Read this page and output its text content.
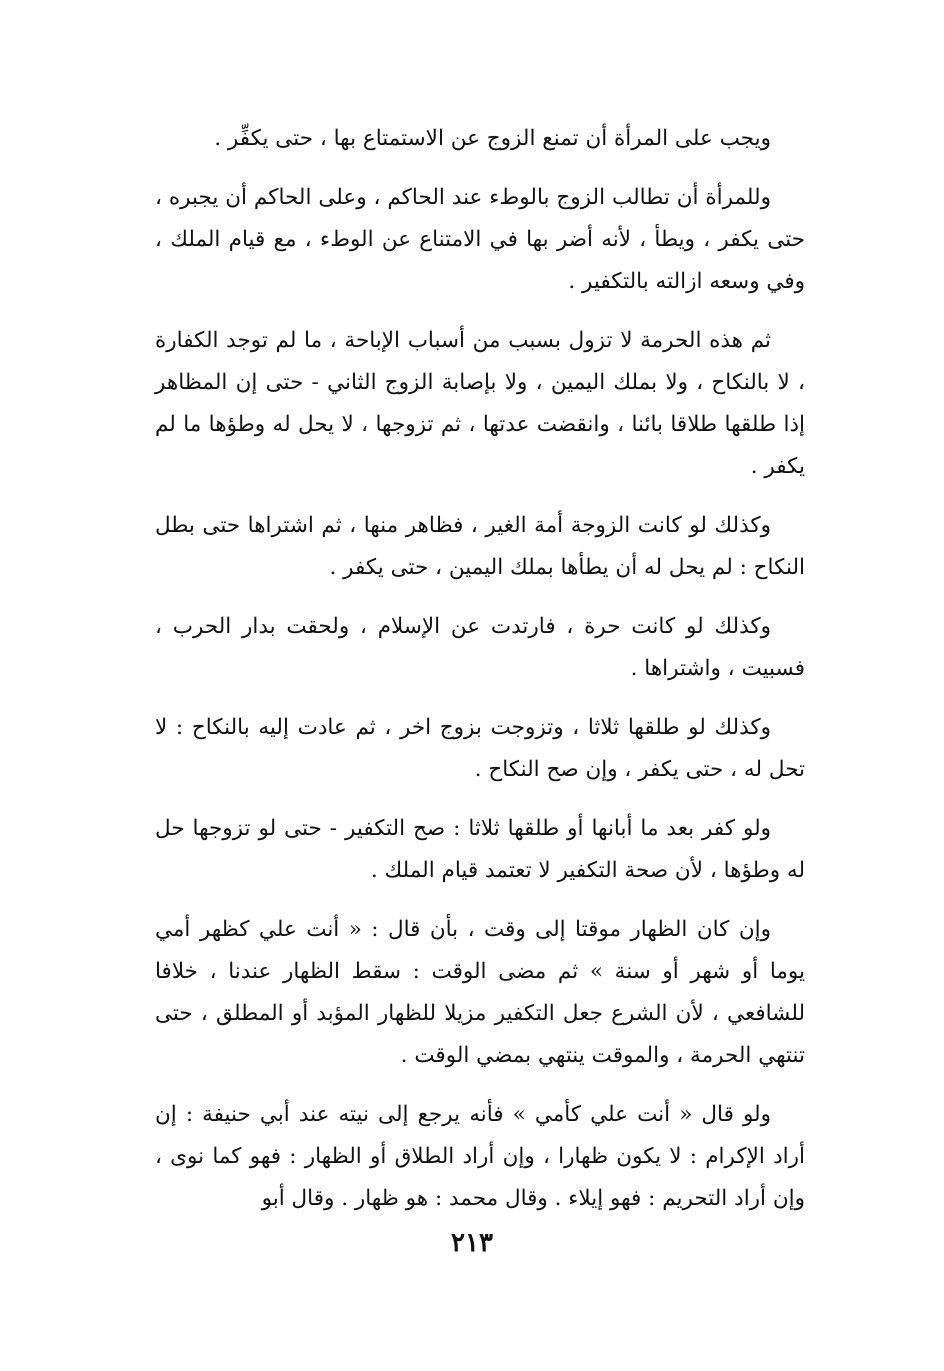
ويجب على المرأة أن تمنع الزوج عن الاستمتاع بها ، حتى يكفِّر .

وللمرأة أن تطالب الزوج بالوطء عند الحاكم ، وعلى الحاكم أن يجبره ، حتى يكفر ، ويطأ ، لأنه أضر بها في الامتناع عن الوطء ، مع قيام الملك ، وفي وسعه ازالته بالتكفير .

ثم هذه الحرمة لا تزول بسبب من أسباب الإباحة ، ما لم توجد الكفارة ، لا بالنكاح ، ولا بملك اليمين ، ولا بإصابة الزوج الثاني - حتى إن المظاهر إذا طلقها طلاقا بائنا ، وانقضت عدتها ، ثم تزوجها ، لا يحل له وطؤها ما لم يكفر .

وكذلك لو كانت الزوجة أمة الغير ، فظاهر منها ، ثم اشتراها حتى بطل النكاح : لم يحل له أن يطأها بملك اليمين ، حتى يكفر .

وكذلك لو كانت حرة ، فارتدت عن الإسلام ، ولحقت بدار الحرب ، فسبيت ، واشتراها .

وكذلك لو طلقها ثلاثا ، وتزوجت بزوج اخر ، ثم عادت إليه بالنكاح : لا تحل له ، حتى يكفر ، وإن صح النكاح .

ولو كفر بعد ما أبانها أو طلقها ثلاثا : صح التكفير - حتى لو تزوجها حل له وطؤها ، لأن صحة التكفير لا تعتمد قيام الملك .

وإن كان الظهار موقتا إلى وقت ، بأن قال : « أنت علي كظهر أمي يوما أو شهر أو سنة » ثم مضى الوقت : سقط الظهار عندنا ، خلافا للشافعي ، لأن الشرع جعل التكفير مزيلا للظهار المؤبد أو المطلق ، حتى تنتهي الحرمة ، والموقت ينتهي بمضي الوقت .

ولو قال « أنت علي كأمي » فأنه يرجع إلى نيته عند أبي حنيفة : إن أراد الإكرام : لا يكون ظهارا ، وإن أراد الطلاق أو الظهار : فهو كما نوى ، وإن أراد التحريم : فهو إيلاء . وقال محمد : هو ظهار . وقال أبو

٢١٣
